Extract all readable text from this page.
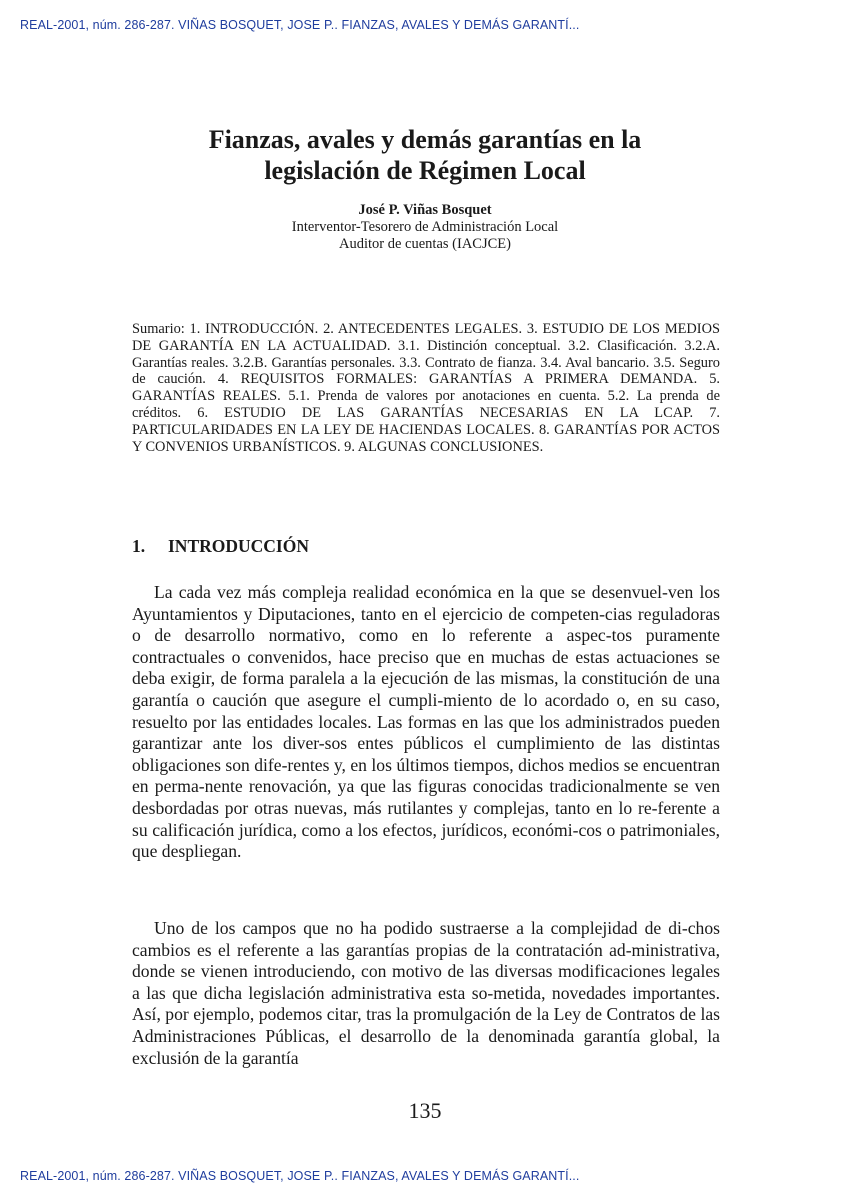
REAL-2001, núm. 286-287. VIÑAS BOSQUET, JOSE P.. FIANZAS, AVALES Y DEMÁS GARANTÍ...
Fianzas, avales y demás garantías en la
legislación de Régimen Local
José P. Viñas Bosquet
Interventor-Tesorero de Administración Local
Auditor de cuentas (IACJCE)

Sumario: 1. INTRODUCCIÓN. 2. ANTECEDENTES LEGALES. 3. ESTUDIO DE LOS MEDIOS DE GARANTÍA EN LA ACTUALIDAD. 3.1. Distinción conceptual. 3.2. Clasificación. 3.2.A. Garantías reales. 3.2.B. Garantías personales. 3.3. Contrato de fianza. 3.4. Aval bancario. 3.5. Seguro de caución. 4. REQUISITOS FORMALES: GARANTÍAS A PRIMERA DEMANDA. 5. GARANTÍAS REALES. 5.1. Prenda de valores por anotaciones en cuenta. 5.2. La prenda de créditos. 6. ESTUDIO DE LAS GARANTÍAS NECESARIAS EN LA LCAP. 7. PARTICULARIDADES EN LA LEY DE HACIENDAS LOCALES. 8. GARANTÍAS POR ACTOS Y CONVENIOS URBANÍSTICOS. 9. ALGUNAS CONCLUSIONES.

1. INTRODUCCIÓN

La cada vez más compleja realidad económica en la que se desenvuel-ven los Ayuntamientos y Diputaciones, tanto en el ejercicio de competen-cias reguladoras o de desarrollo normativo, como en lo referente a aspec-tos puramente contractuales o convenidos, hace preciso que en muchas de estas actuaciones se deba exigir, de forma paralela a la ejecución de las mismas, la constitución de una garantía o caución que asegure el cumpli-miento de lo acordado o, en su caso, resuelto por las entidades locales. Las formas en las que los administrados pueden garantizar ante los diver-sos entes públicos el cumplimiento de las distintas obligaciones son dife-rentes y, en los últimos tiempos, dichos medios se encuentran en perma-nente renovación, ya que las figuras conocidas tradicionalmente se ven desbordadas por otras nuevas, más rutilantes y complejas, tanto en lo re-ferente a su calificación jurídica, como a los efectos, jurídicos, económi-cos o patrimoniales, que despliegan.

Uno de los campos que no ha podido sustraerse a la complejidad de di-chos cambios es el referente a las garantías propias de la contratación ad-ministrativa, donde se vienen introduciendo, con motivo de las diversas modificaciones legales a las que dicha legislación administrativa esta so-metida, novedades importantes. Así, por ejemplo, podemos citar, tras la promulgación de la Ley de Contratos de las Administraciones Públicas, el desarrollo de la denominada garantía global, la exclusión de la garantía

135
REAL-2001, núm. 286-287. VIÑAS BOSQUET, JOSE P.. FIANZAS, AVALES Y DEMÁS GARANTÍ...
